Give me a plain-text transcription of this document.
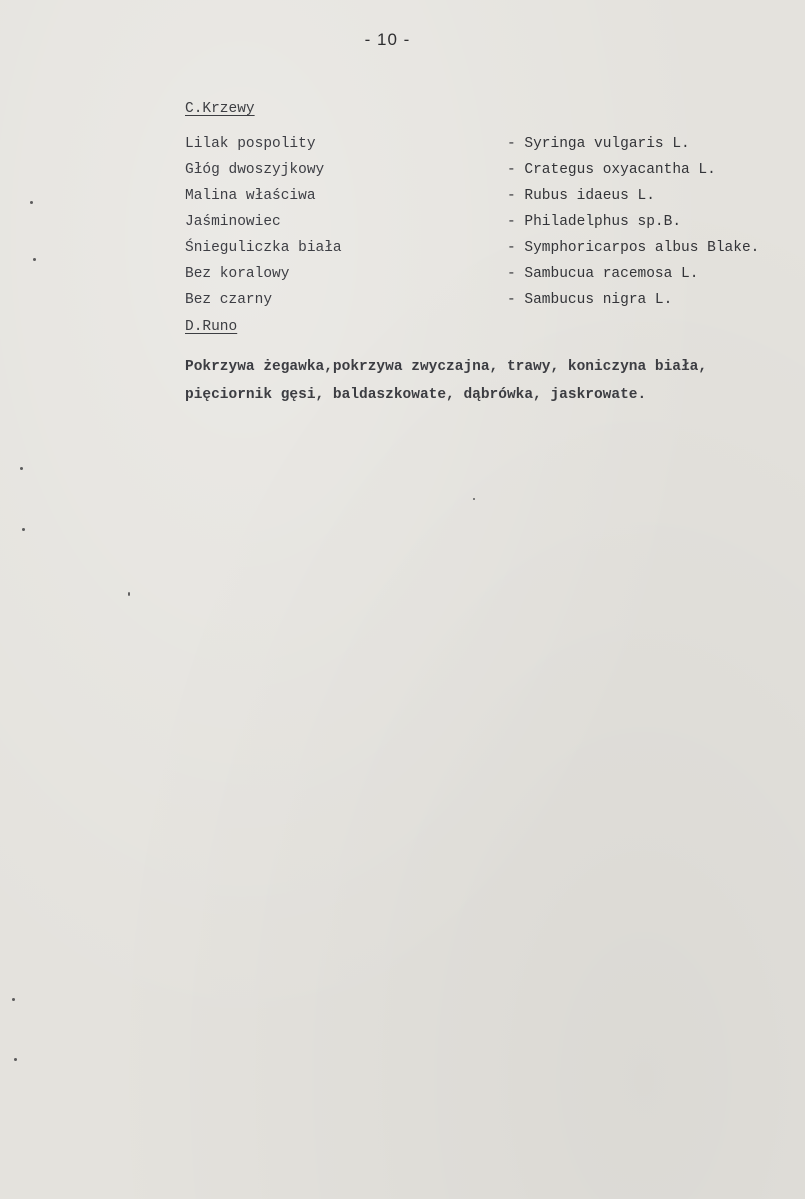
- 10 -
C.Krzewy
Lilak pospolity	- Syringa vulgaris L.
Głóg dwoszyjkowy	- Crategus oxyacantha L.
Malina właściwa	- Rubus idaeus L.
Jaśminowiec	- Philadelphus sp.B.
Śnieguliczka biała	- Symphoricarpos albus Blake.
Bez koralowy	- Sambucua racemosa L.
Bez czarny	- Sambucus nigra L.
D.Runo

Pokrzywa żegawka,pokrzywa zwyczajna, trawy, koniczyna biała,
pięciornik gęsi, baldaszkowate, dąbrówka, jaskrowate.
